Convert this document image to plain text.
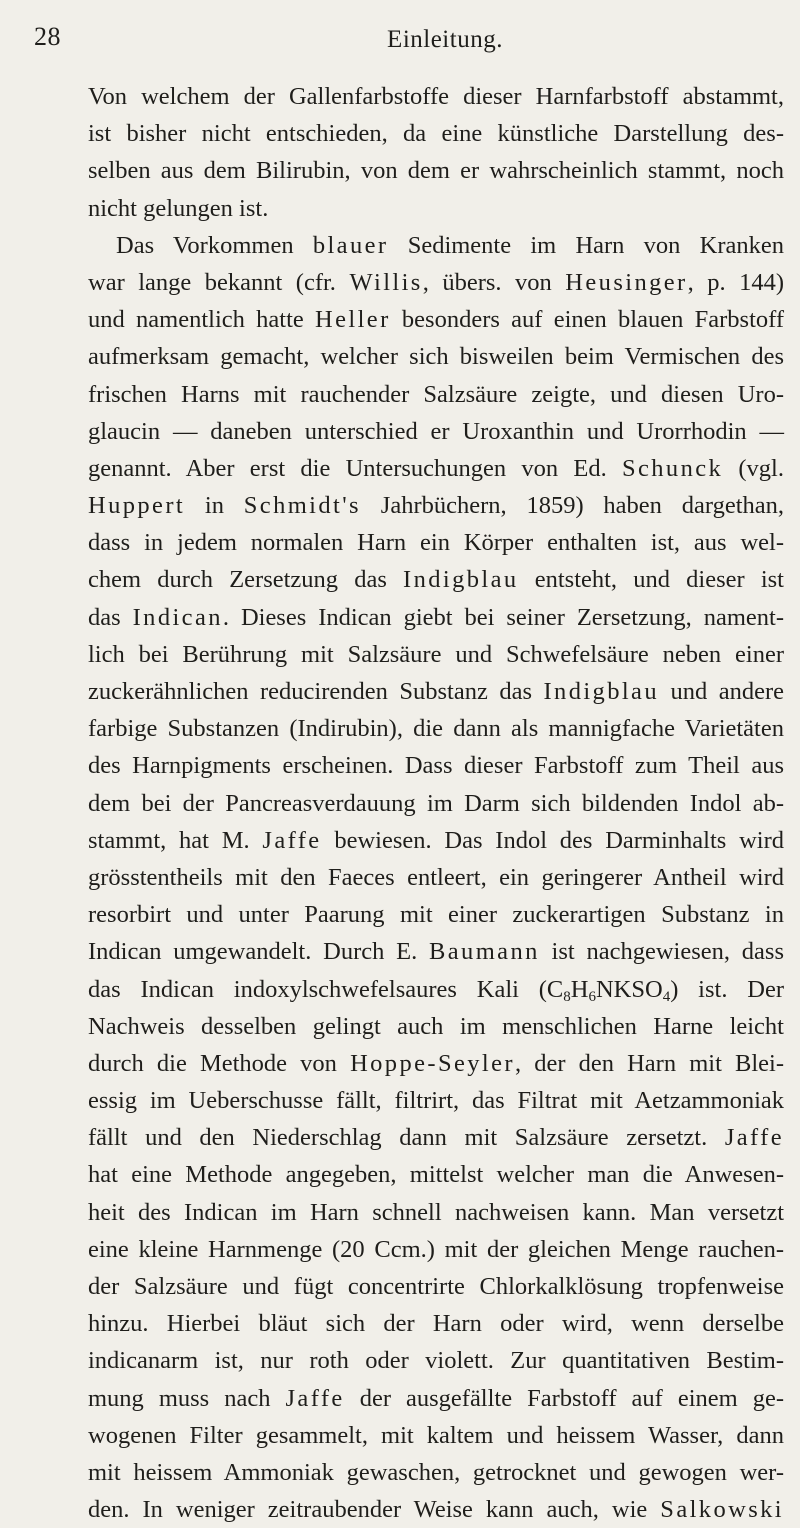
28	Einleitung.
Von welchem der Gallenfarbstoffe dieser Harnfarbstoff abstammt,
ist bisher nicht entschieden, da eine künstliche Darstellung des-
selben aus dem Bilirubin, von dem er wahrscheinlich stammt, noch
nicht gelungen ist.
Das Vorkommen blauer Sedimente im Harn von Kranken
war lange bekannt (cfr. Willis, übers. von Heusinger, p. 144)
und namentlich hatte Heller besonders auf einen blauen Farbstoff
aufmerksam gemacht, welcher sich bisweilen beim Vermischen des
frischen Harns mit rauchender Salzsäure zeigte, und diesen Uro-
glaucin — daneben unterschied er Uroxanthin und Urorrhodin —
genannt. Aber erst die Untersuchungen von Ed. Schunck (vgl.
Huppert in Schmidt's Jahrbüchern, 1859) haben dargethan,
dass in jedem normalen Harn ein Körper enthalten ist, aus wel-
chem durch Zersetzung das Indigblau entsteht, und dieser ist
das Indican. Dieses Indican giebt bei seiner Zersetzung, nament-
lich bei Berührung mit Salzsäure und Schwefelsäure neben einer
zuckerähnlichen reducirenden Substanz das Indigblau und andere
farbige Substanzen (Indirubin), die dann als mannigfache Varietäten
des Harnpigments erscheinen. Dass dieser Farbstoff zum Theil aus
dem bei der Pancreasverdauung im Darm sich bildenden Indol ab-
stammt, hat M. Jaffe bewiesen. Das Indol des Darminhalts wird
grösstentheils mit den Faeces entleert, ein geringerer Antheil wird
resorbirt und unter Paarung mit einer zuckerartigen Substanz in
Indican umgewandelt. Durch E. Baumann ist nachgewiesen, dass
das Indican indoxylschwefelsaures Kali $(C_8H_6NKSO_4)$ ist. Der
Nachweis desselben gelingt auch im menschlichen Harne leicht
durch die Methode von Hoppe-Seyler, der den Harn mit Blei-
essig im Ueberschusse fällt, filtrirt, das Filtrat mit Aetzammoniak
fällt und den Niederschlag dann mit Salzsäure zersetzt. Jaffe
hat eine Methode angegeben, mittelst welcher man die Anwesen-
heit des Indican im Harn schnell nachweisen kann. Man versetzt
eine kleine Harnmenge (20 Ccm.) mit der gleichen Menge rauchen-
der Salzsäure und fügt concentrirte Chlorkalklösung tropfenweise
hinzu. Hierbei bläut sich der Harn oder wird, wenn derselbe
indicanarm ist, nur roth oder violett. Zur quantitativen Bestim-
mung muss nach Jaffe der ausgefällte Farbstoff auf einem ge-
wogenen Filter gesammelt, mit kaltem und heissem Wasser, dann
mit heissem Ammoniak gewaschen, getrocknet und gewogen wer-
den. In weniger zeitraubender Weise kann auch, wie Salkowski
